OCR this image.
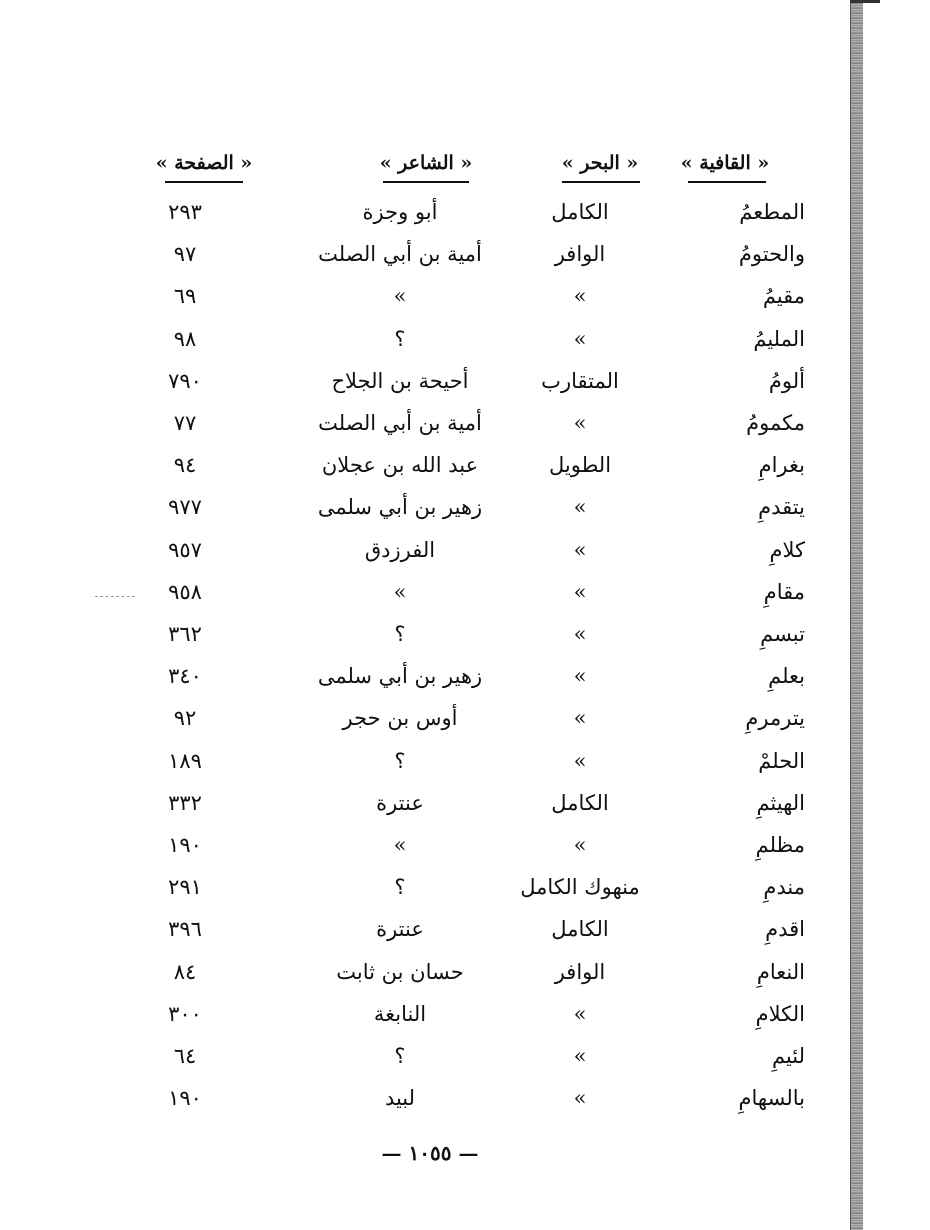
« القافية »
« البحر »
« الشاعر »
« الصفحة »
المطعمُ
الكامل
أبو وجزة
٢٩٣
والحتومُ
الوافر
أمية بن أبي الصلت
٩٧
مقيمُ
»
»
٦٩
المليمُ
»
؟
٩٨
ألومُ
المتقارب
أحيحة بن الجلاح
٧٩٠
مكمومُ
»
أمية بن أبي الصلت
٧٧
بغرامِ
الطويل
عبد الله بن عجلان
٩٤
يتقدمِ
»
زهير بن أبي سلمى
٩٧٧
كلامِ
»
الفرزدق
٩٥٧
مقامِ
»
»
٩٥٨
تبسمِ
»
؟
٣٦٢
بعلمِ
»
زهير بن أبي سلمى
٣٤٠
يترمرمِ
»
أوس بن حجر
٩٢
الحلمْ
»
؟
١٨٩
الهيثمِ
الكامل
عنترة
٣٣٢
مظلمِ
»
»
١٩٠
مندمِ
منهوك الكامل
؟
٢٩١
اقدمِ
الكامل
عنترة
٣٩٦
النعامِ
الوافر
حسان بن ثابت
٨٤
الكلامِ
»
النابغة
٣٠٠
لئيمِ
»
؟
٦٤
بالسهامِ
»
لبيد
١٩٠
— ١٠٥٥ —
